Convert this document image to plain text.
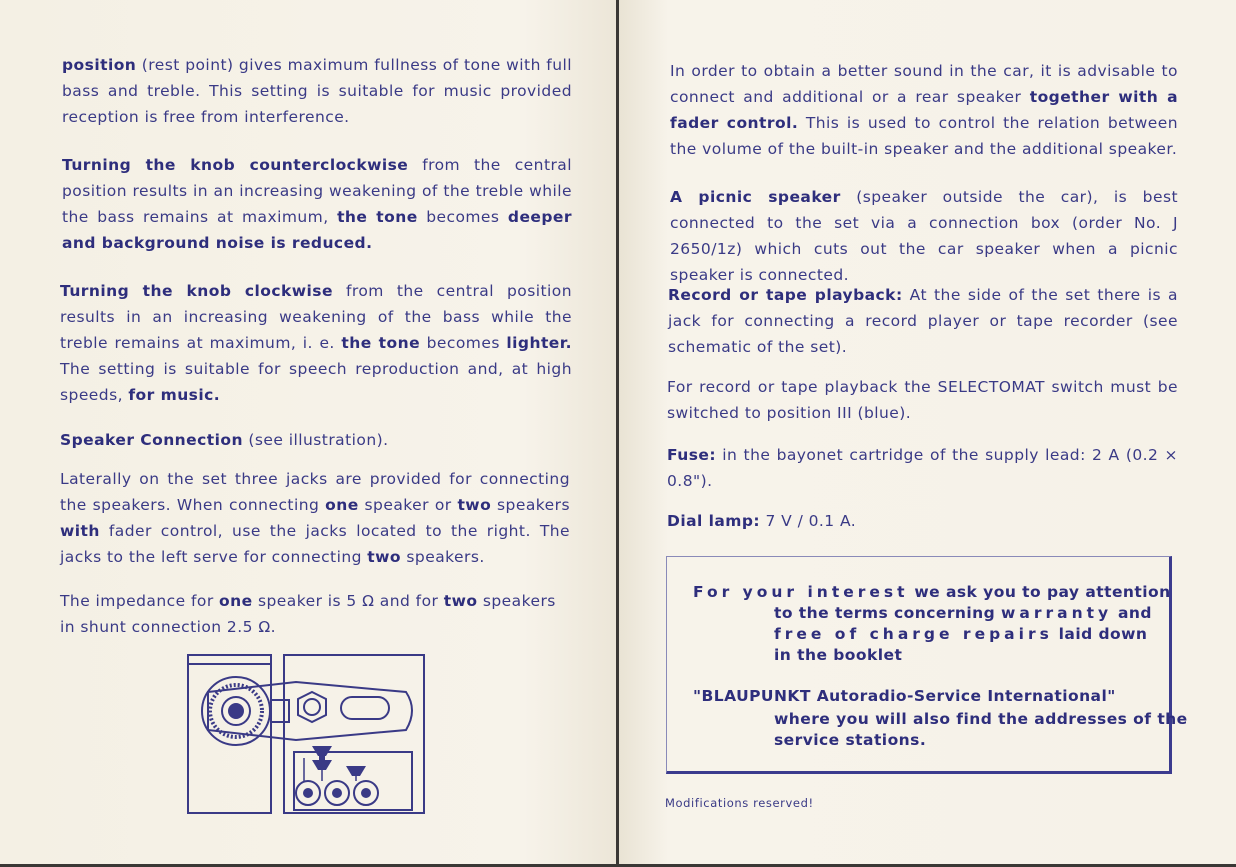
position (rest point) gives maximum fullness of tone with full bass and treble. This setting is suitable for music provided reception is free from interference.

Turning the knob counterclockwise from the central position results in an increasing weakening of the treble while the bass remains at maximum, the tone becomes deeper and background noise is reduced.

Turning the knob clockwise from the central position results in an increasing weakening of the bass while the treble remains at maximum, i. e. the tone becomes lighter. The setting is suitable for speech reproduction and, at high speeds, for music.

Speaker Connection (see illustration).

Laterally on the set three jacks are provided for connecting the speakers. When connecting one speaker or two speakers with fader control, use the jacks located to the right. The jacks to the left serve for connecting two speakers.

The impedance for one speaker is 5 Ω and for two speakers in shunt connection 2.5 Ω.

In order to obtain a better sound in the car, it is advisable to connect and additional or a rear speaker together with a fader control. This is used to control the relation between the volume of the built-in speaker and the additional speaker.

A picnic speaker (speaker outside the car), is best connected to the set via a connection box (order No. J 2650/1z) which cuts out the car speaker when a picnic speaker is connected.

Record or tape playback: At the side of the set there is a jack for connecting a record player or tape recorder (see schematic of the set).

For record or tape playback the SELECTOMAT switch must be switched to position III (blue).

Fuse: in the bayonet cartridge of the supply lead: 2 A (0.2 × 0.8").

Dial lamp: 7 V / 0.1 A.

For your interest we ask you to pay attention

to the terms concerning warranty and

free of charge repairs laid down

in the booklet

"BLAUPUNKT Autoradio-Service International"

where you will also find the addresses of the

service stations.

Modifications reserved!
